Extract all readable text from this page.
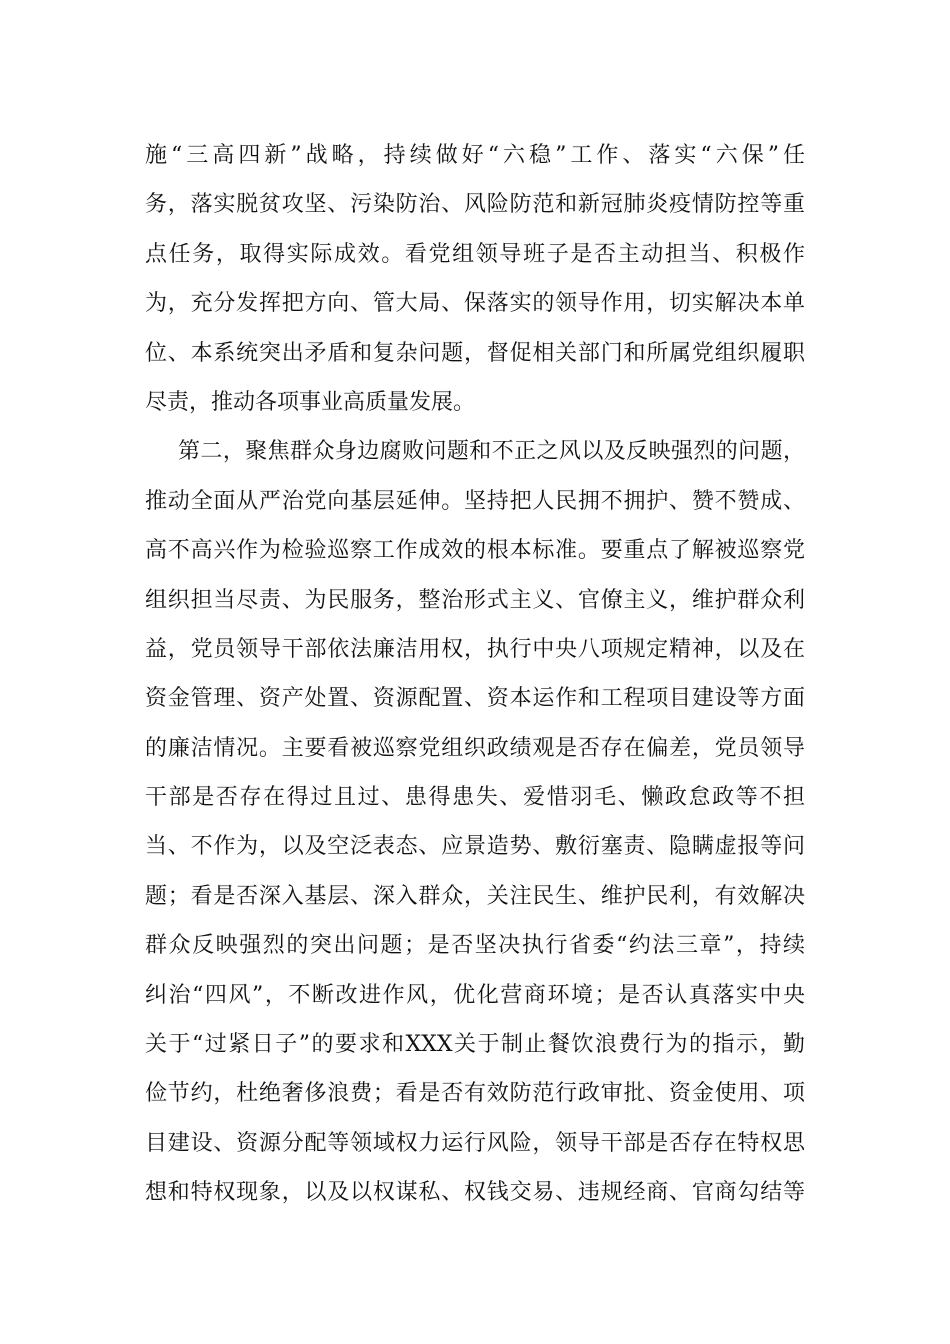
施“三高四新”战略，持续做好“六稳”工作、落实“六保”任
务，落实脱贫攻坚、污染防治、风险防范和新冠肺炎疫情防控等重
点任务，取得实际成效。看党组领导班子是否主动担当、积极作
为，充分发挥把方向、管大局、保落实的领导作用，切实解决本单
位、本系统突出矛盾和复杂问题，督促相关部门和所属党组织履职
尽责，推动各项事业高质量发展。
第二，聚焦群众身边腐败问题和不正之风以及反映强烈的问题，
推动全面从严治党向基层延伸。坚持把人民拥不拥护、赞不赞成、
高不高兴作为检验巡察工作成效的根本标准。要重点了解被巡察党
组织担当尽责、为民服务，整治形式主义、官僚主义，维护群众利
益，党员领导干部依法廉洁用权，执行中央八项规定精神，以及在
资金管理、资产处置、资源配置、资本运作和工程项目建设等方面
的廉洁情况。主要看被巡察党组织政绩观是否存在偏差，党员领导
干部是否存在得过且过、患得患失、爱惜羽毛、懒政怠政等不担
当、不作为，以及空泛表态、应景造势、敷衍塞责、隐瞒虚报等问
题；看是否深入基层、深入群众，关注民生、维护民利，有效解决
群众反映强烈的突出问题；是否坚决执行省委“约法三章”，持续
纠治“四风”，不断改进作风，优化营商环境；是否认真落实中央
关于“过紧日子”的要求和XXX关于制止餐饮浪费行为的指示，勤
俭节约，杜绝奢侈浪费；看是否有效防范行政审批、资金使用、项
目建设、资源分配等领域权力运行风险，领导干部是否存在特权思
想和特权现象，以及以权谋私、权钱交易、违规经商、官商勾结等
